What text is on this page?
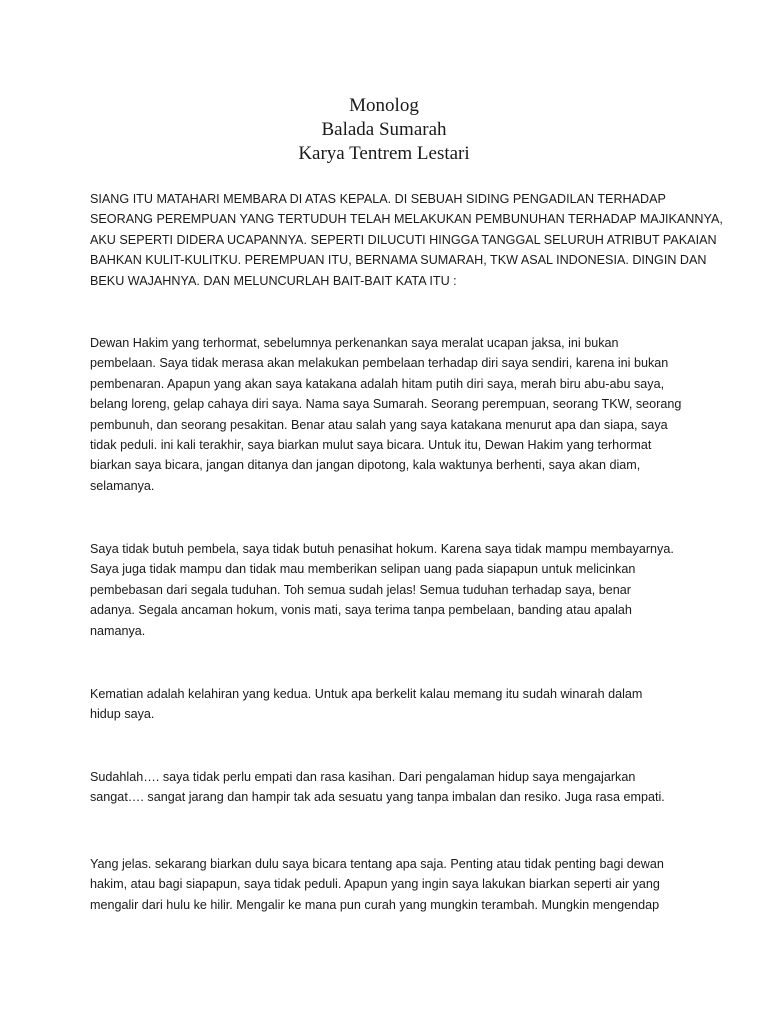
Monolog
Balada Sumarah
Karya Tentrem Lestari
SIANG ITU MATAHARI MEMBARA DI ATAS KEPALA. DI SEBUAH SIDING PENGADILAN TERHADAP
SEORANG PEREMPUAN YANG TERTUDUH TELAH MELAKUKAN PEMBUNUHAN TERHADAP MAJIKANNYA,
AKU SEPERTI DIDERA UCAPANNYA. SEPERTI DILUCUTI HINGGA TANGGAL SELURUH ATRIBUT PAKAIAN
BAHKAN KULIT-KULITKU. PEREMPUAN ITU, BERNAMA SUMARAH, TKW ASAL INDONESIA. DINGIN DAN
BEKU WAJAHNYA. DAN MELUNCURLAH BAIT-BAIT KATA ITU :
Dewan Hakim yang terhormat, sebelumnya perkenankan saya meralat ucapan jaksa, ini bukan
pembelaan. Saya tidak merasa akan melakukan pembelaan terhadap diri saya sendiri, karena ini bukan
pembenaran. Apapun yang akan saya katakana adalah hitam putih diri saya, merah biru abu-abu saya,
belang loreng, gelap cahaya diri saya. Nama saya Sumarah. Seorang perempuan, seorang TKW, seorang
pembunuh, dan seorang pesakitan. Benar atau salah yang saya katakana menurut apa dan siapa, saya
tidak peduli. ini kali terakhir, saya biarkan mulut saya bicara. Untuk itu, Dewan Hakim yang terhormat
biarkan saya bicara, jangan ditanya dan jangan dipotong, kala waktunya berhenti, saya akan diam,
selamanya.
Saya tidak butuh pembela, saya tidak butuh penasihat hokum. Karena saya tidak mampu membayarnya.
Saya juga tidak mampu dan tidak mau memberikan selipan uang pada siapapun untuk melicinkan
pembebasan dari segala tuduhan. Toh semua sudah jelas! Semua tuduhan terhadap saya, benar
adanya. Segala ancaman hokum, vonis mati, saya terima tanpa pembelaan, banding atau apalah
namanya.
Kematian adalah kelahiran yang kedua. Untuk apa berkelit kalau memang itu sudah winarah dalam
hidup saya.
Sudahlah…. saya tidak perlu empati dan rasa kasihan. Dari pengalaman hidup saya mengajarkan
sangat…. sangat jarang dan hampir tak ada sesuatu yang tanpa imbalan dan resiko. Juga rasa empati.
Yang jelas. sekarang biarkan dulu saya bicara tentang apa saja. Penting atau tidak penting bagi dewan
hakim, atau bagi siapapun, saya tidak peduli. Apapun yang ingin saya lakukan biarkan seperti air yang
mengalir dari hulu ke hilir. Mengalir ke mana pun curah yang mungkin terambah. Mungkin mengendap
